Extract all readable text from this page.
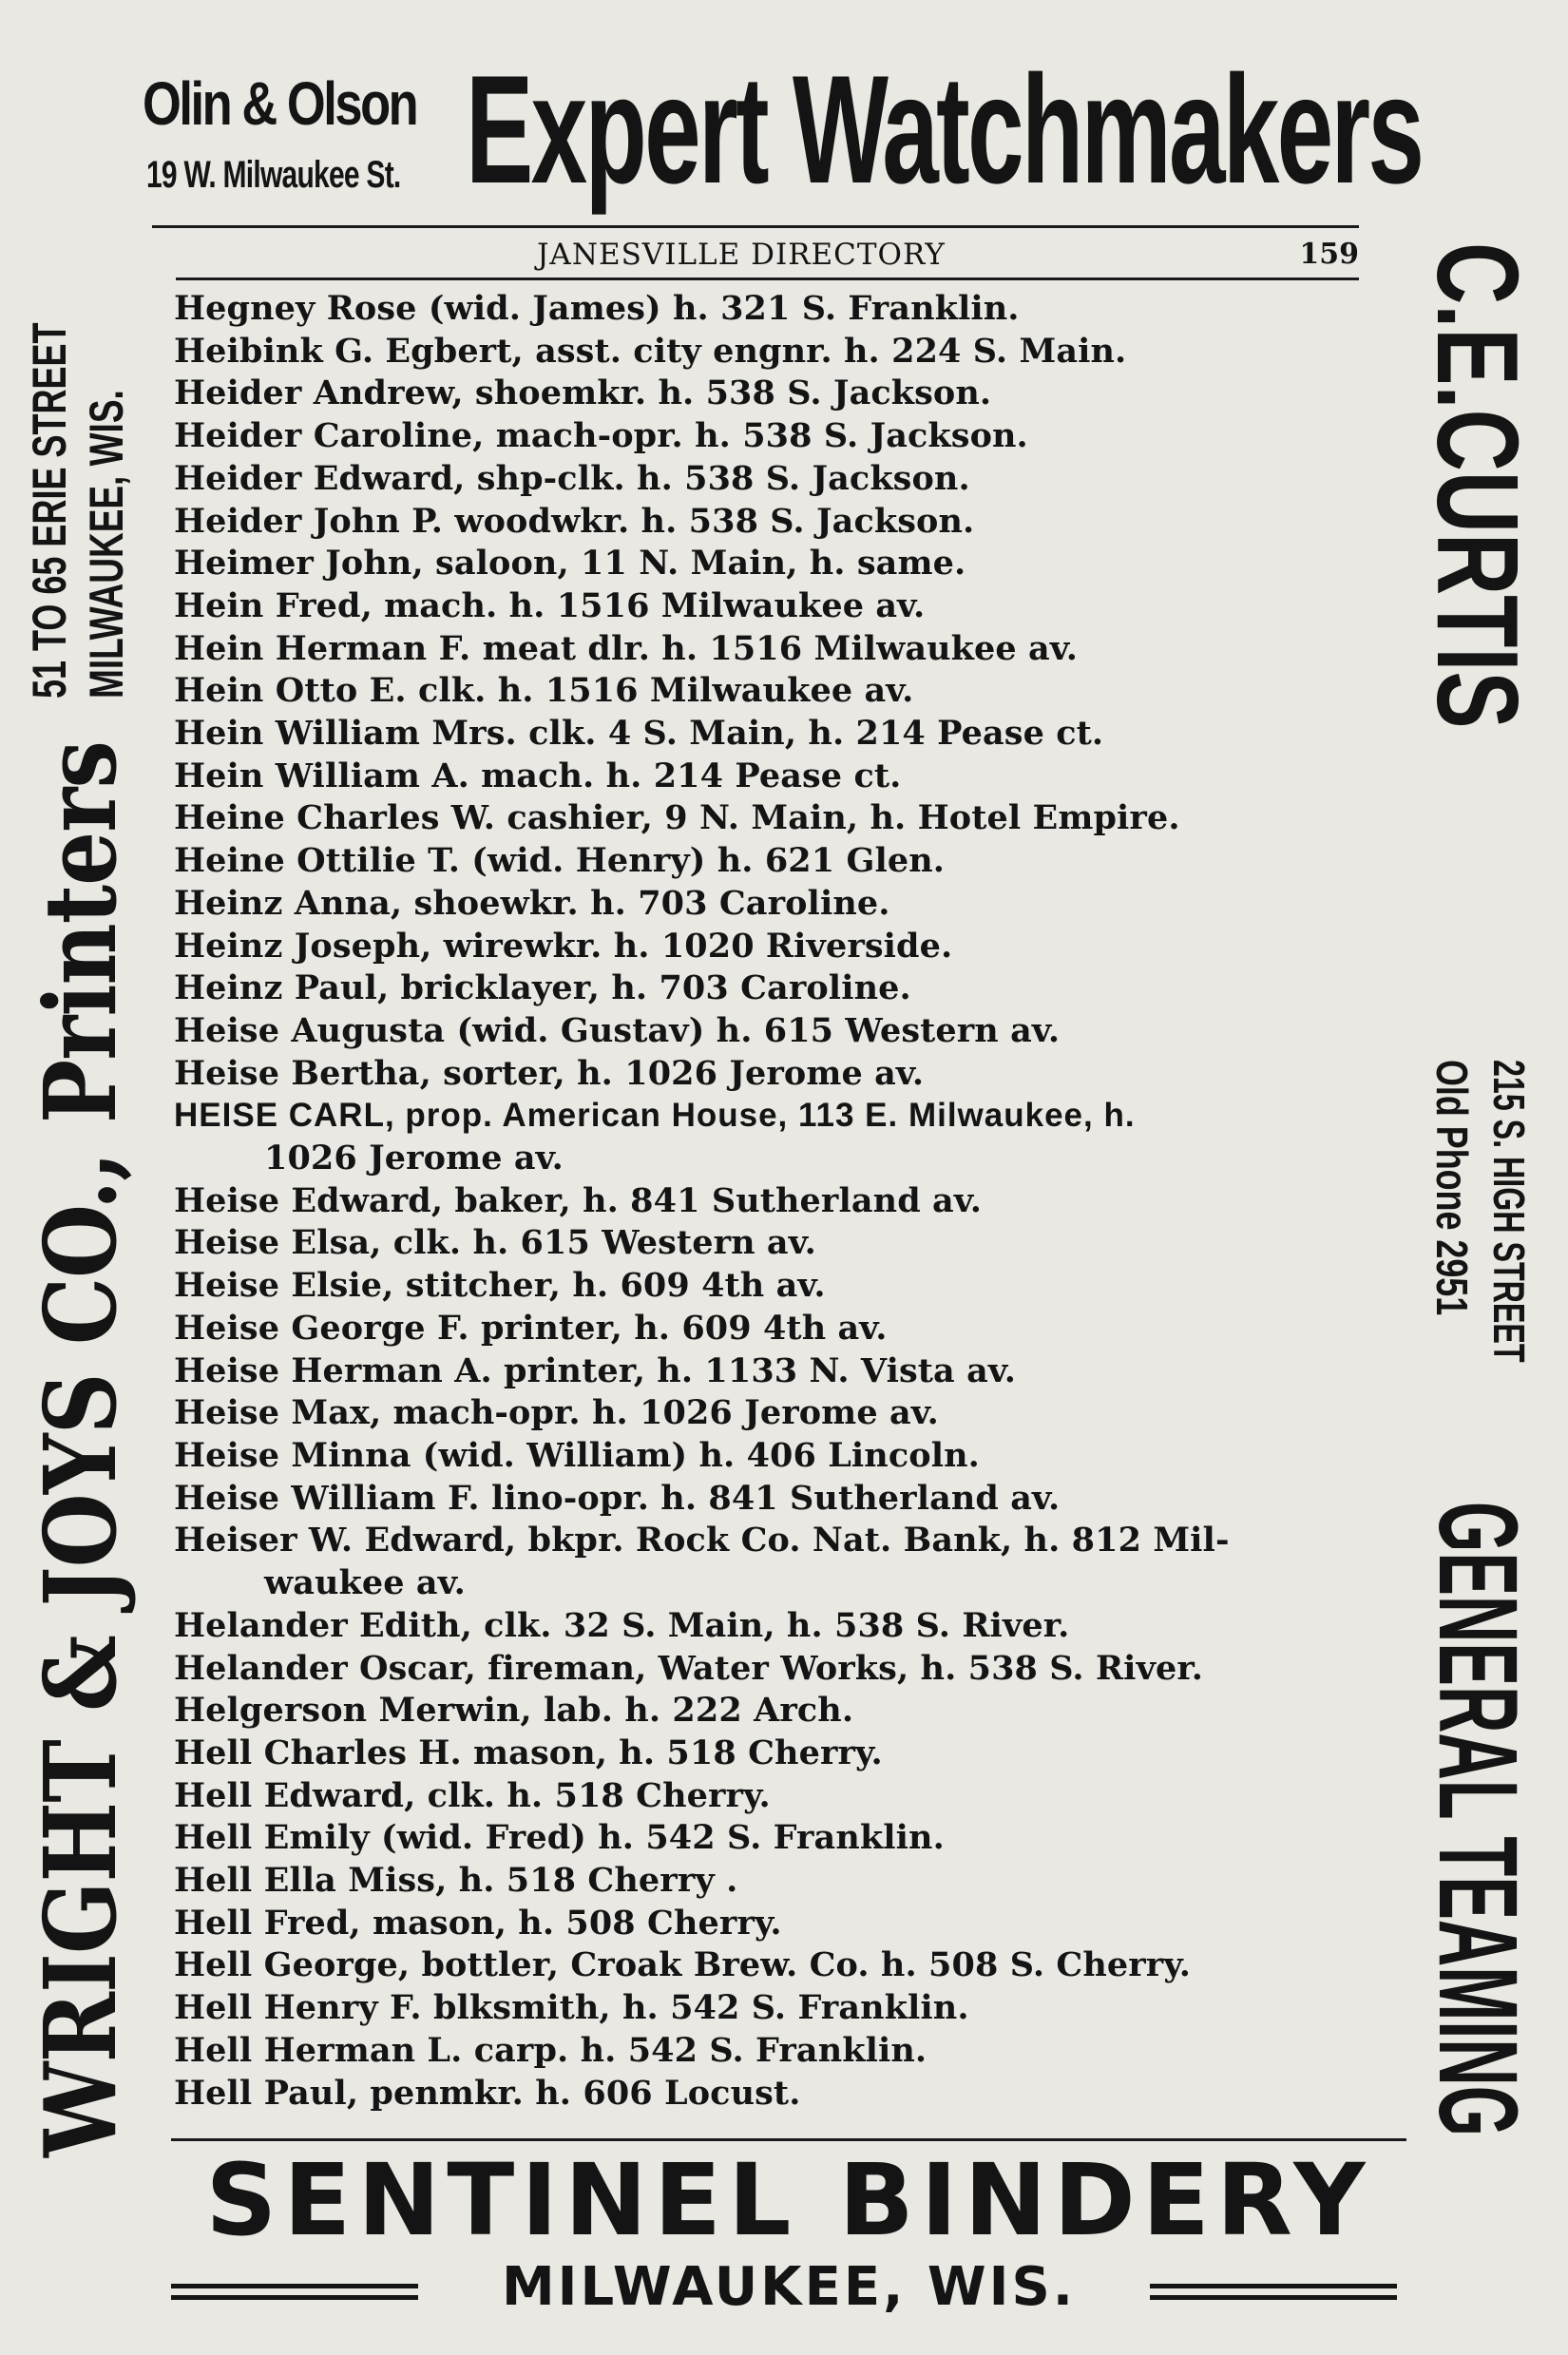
Olin & Olson
19 W. Milwaukee St. Expert Watchmakers
JANESVILLE DIRECTORY	159
Hegney Rose (wid. James) h. 321 S. Franklin.
Heibink G. Egbert, asst. city engnr. h. 224 S. Main.
Heider Andrew, shoemkr. h. 538 S. Jackson.
Heider Caroline, mach-opr. h. 538 S. Jackson.
Heider Edward, shp-clk. h. 538 S. Jackson.
Heider John P. woodwkr. h. 538 S. Jackson.
Heimer John, saloon, 11 N. Main, h. same.
Hein Fred, mach. h. 1516 Milwaukee av.
Hein Herman F. meat dlr. h. 1516 Milwaukee av.
Hein Otto E. clk. h. 1516 Milwaukee av.
Hein William Mrs. clk. 4 S. Main, h. 214 Pease ct.
Hein William A. mach. h. 214 Pease ct.
Heine Charles W. cashier, 9 N. Main, h. Hotel Empire.
Heine Ottilie T. (wid. Henry) h. 621 Glen.
Heinz Anna, shoewkr. h. 703 Caroline.
Heinz Joseph, wirewkr. h. 1020 Riverside.
Heinz Paul, bricklayer, h. 703 Caroline.
Heise Augusta (wid. Gustav) h. 615 Western av.
Heise Bertha, sorter, h. 1026 Jerome av.
HEISE CARL, prop. American House, 113 E. Milwaukee, h.
1026 Jerome av.
Heise Edward, baker, h. 841 Sutherland av.
Heise Elsa, clk. h. 615 Western av.
Heise Elsie, stitcher, h. 609 4th av.
Heise George F. printer, h. 609 4th av.
Heise Herman A. printer, h. 1133 N. Vista av.
Heise Max, mach-opr. h. 1026 Jerome av.
Heise Minna (wid. William) h. 406 Lincoln.
Heise William F. lino-opr. h. 841 Sutherland av.
Heiser W. Edward, bkpr. Rock Co. Nat. Bank, h. 812 Mil-
waukee av.
Helander Edith, clk. 32 S. Main, h. 538 S. River.
Helander Oscar, fireman, Water Works, h. 538 S. River.
Helgerson Merwin, lab. h. 222 Arch.
Hell Charles H. mason, h. 518 Cherry.
Hell Edward, clk. h. 518 Cherry.
Hell Emily (wid. Fred) h. 542 S. Franklin.
Hell Ella Miss, h. 518 Cherry .
Hell Fred, mason, h. 508 Cherry.
Hell George, bottler, Croak Brew. Co. h. 508 S. Cherry.
Hell Henry F. blksmith, h. 542 S. Franklin.
Hell Herman L. carp. h. 542 S. Franklin.
Hell Paul, penmkr. h. 606 Locust.
WRIGHT & JOYS CO., Printers
51 TO 65 ERIE STREET MILWAUKEE, WIS.	C.E.CURTIS
215 S. HIGH STREET
Old Phone 2951
GENERAL TEAMING
SENTINEL BINDERY
MILWAUKEE, WIS.
